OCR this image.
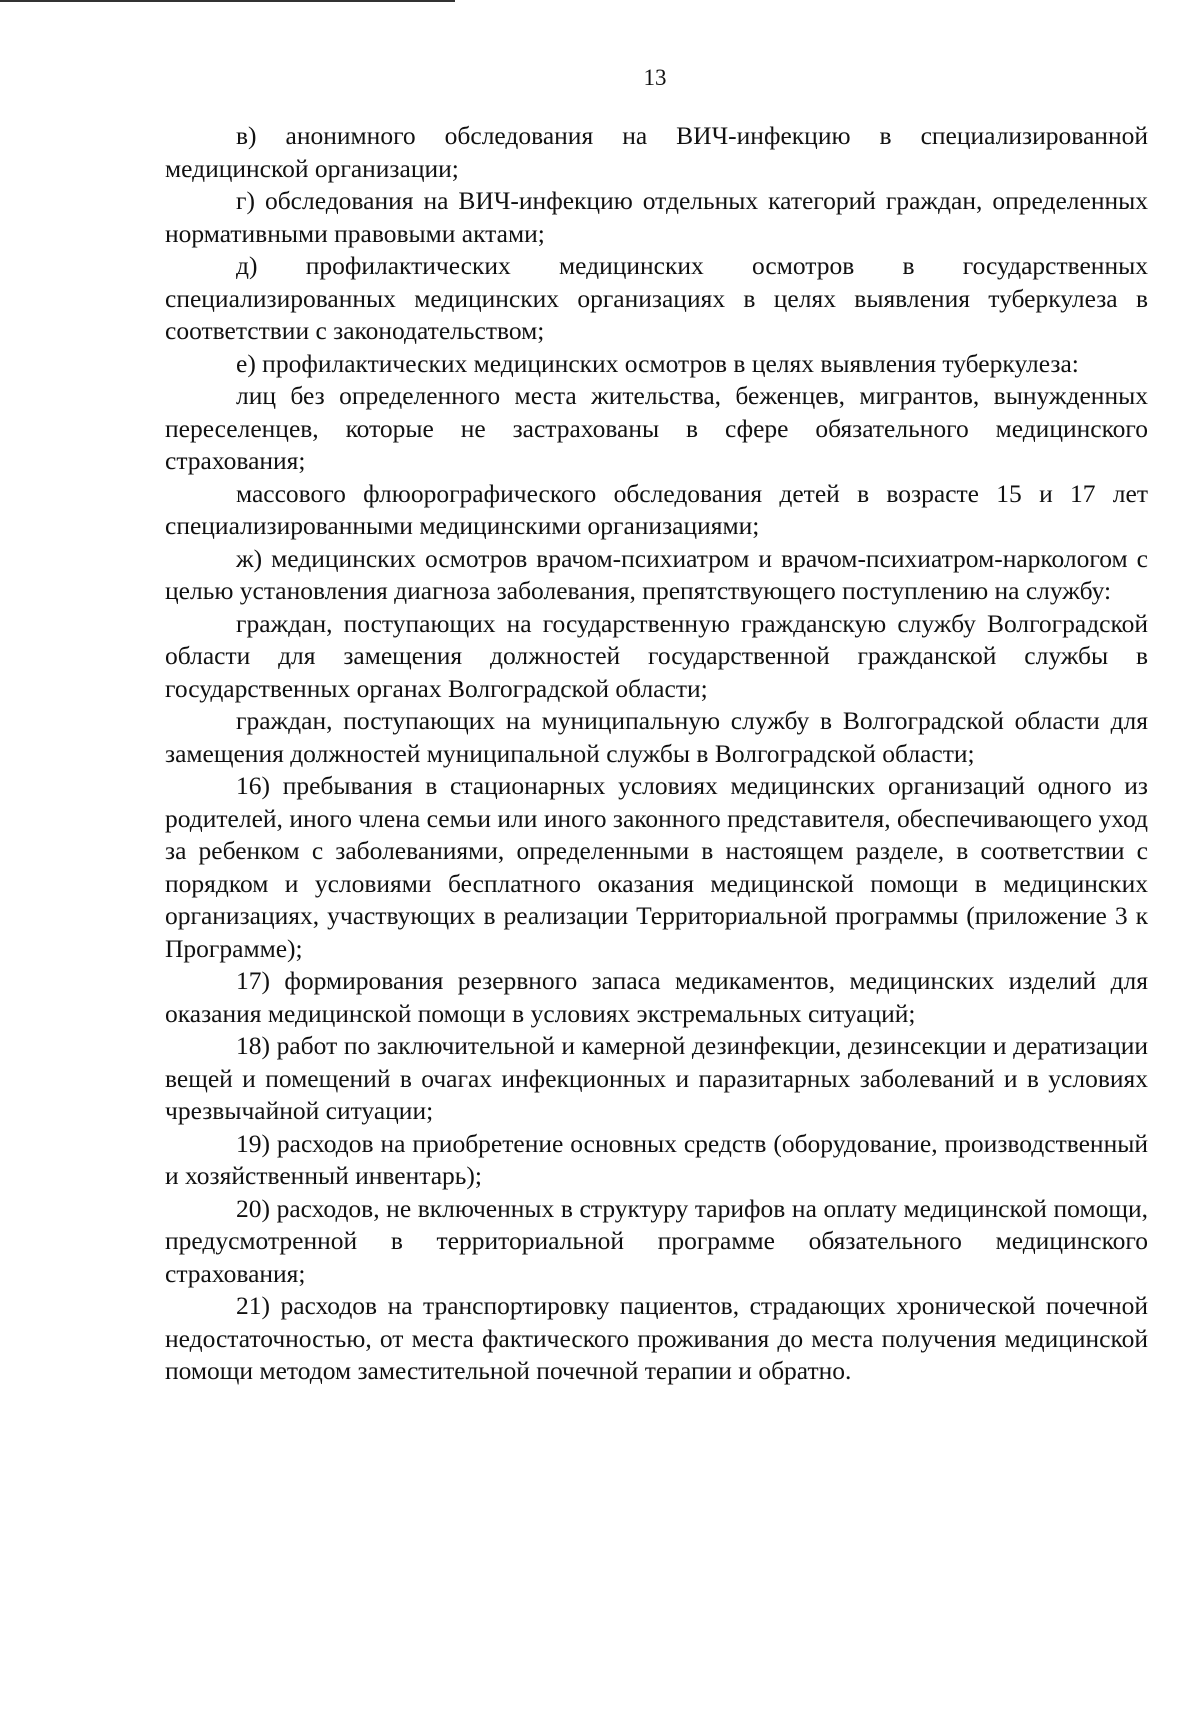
13

в) анонимного обследования на ВИЧ-инфекцию в специализированной медицинской организации;

г) обследования на ВИЧ-инфекцию отдельных категорий граждан, определенных нормативными правовыми актами;

д) профилактических медицинских осмотров в государственных специализированных медицинских организациях в целях выявления туберкулеза в соответствии с законодательством;

е) профилактических медицинских осмотров в целях выявления туберкулеза:

лиц без определенного места жительства, беженцев, мигрантов, вынужденных переселенцев, которые не застрахованы в сфере обязательного медицинского страхования;

массового флюорографического обследования детей в возрасте 15 и 17 лет специализированными медицинскими организациями;

ж) медицинских осмотров врачом-психиатром и врачом-психиатром-наркологом с целью установления диагноза заболевания, препятствующего поступлению на службу:

граждан, поступающих на государственную гражданскую службу Волгоградской области для замещения должностей государственной гражданской службы в государственных органах Волгоградской области;

граждан, поступающих на муниципальную службу в Волгоградской области для замещения должностей муниципальной службы в Волгоградской области;

16) пребывания в стационарных условиях медицинских организаций одного из родителей, иного члена семьи или иного законного представителя, обеспечивающего уход за ребенком с заболеваниями, определенными в настоящем разделе, в соответствии с порядком и условиями бесплатного оказания медицинской помощи в медицинских организациях, участвующих в реализации Территориальной программы (приложение 3 к Программе);

17) формирования резервного запаса медикаментов, медицинских изделий для оказания медицинской помощи в условиях экстремальных ситуаций;

18) работ по заключительной и камерной дезинфекции, дезинсекции и дератизации вещей и помещений в очагах инфекционных и паразитарных заболеваний и в условиях чрезвычайной ситуации;

19) расходов на приобретение основных средств (оборудование, производственный и хозяйственный инвентарь);

20) расходов, не включенных в структуру тарифов на оплату медицинской помощи, предусмотренной в территориальной программе обязательного медицинского страхования;

21) расходов на транспортировку пациентов, страдающих хронической почечной недостаточностью, от места фактического проживания до места получения медицинской помощи методом заместительной почечной терапии и обратно.
